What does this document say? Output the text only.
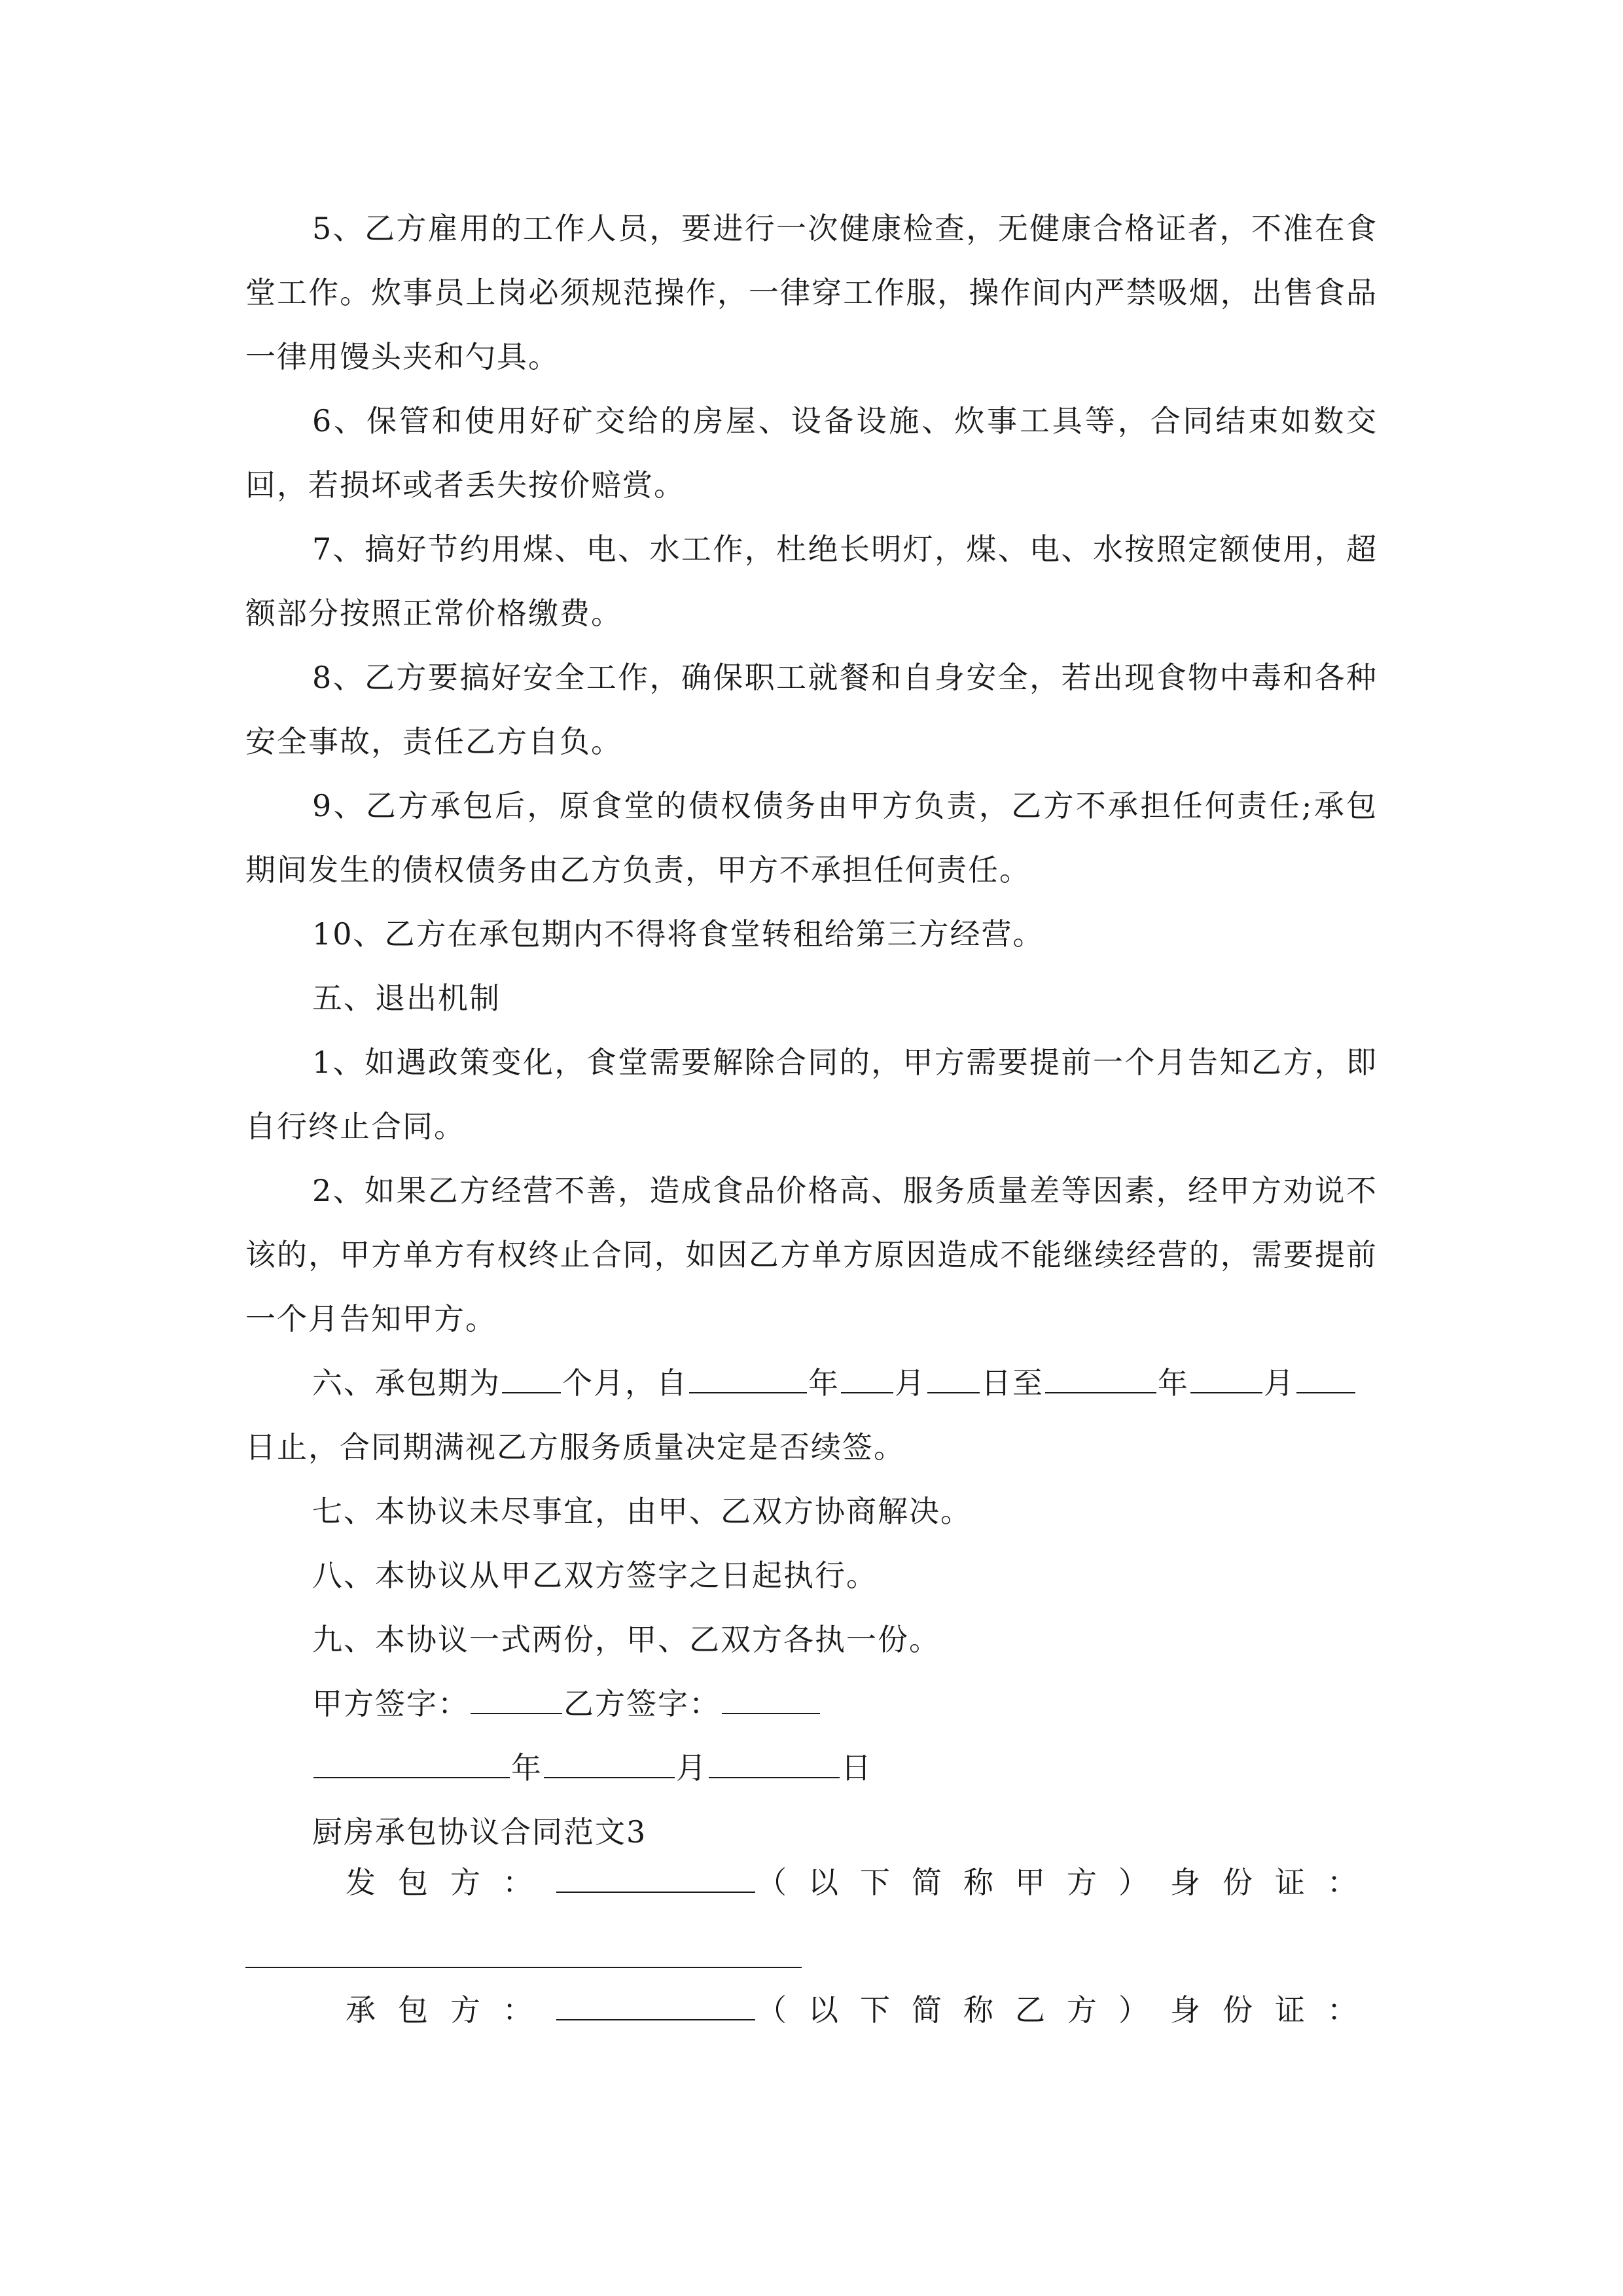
5、乙方雇用的工作人员，要进行一次健康检查，无健康合格证者，不准在食堂工作。炊事员上岗必须规范操作，一律穿工作服，操作间内严禁吸烟，出售食品一律用馒头夹和勺具。

6、保管和使用好矿交给的房屋、设备设施、炊事工具等，合同结束如数交回，若损坏或者丢失按价赔赏。

7、搞好节约用煤、电、水工作，杜绝长明灯，煤、电、水按照定额使用，超额部分按照正常价格缴费。

8、乙方要搞好安全工作，确保职工就餐和自身安全，若出现食物中毒和各种安全事故，责任乙方自负。

9、乙方承包后，原食堂的债权债务由甲方负责，乙方不承担任何责任;承包期间发生的债权债务由乙方负责，甲方不承担任何责任。

10、乙方在承包期内不得将食堂转租给第三方经营。

五、退出机制

1、如遇政策变化，食堂需要解除合同的，甲方需要提前一个月告知乙方，即自行终止合同。

2、如果乙方经营不善，造成食品价格高、服务质量差等因素，经甲方劝说不该的，甲方单方有权终止合同，如因乙方单方原因造成不能继续经营的，需要提前一个月告知甲方。

六、承包期为 个月，自	年 月 日至	年 月

日止，合同期满视乙方服务质量决定是否续签。

七、本协议未尽事宜，由甲、乙双方协商解决。

八、本协议从甲乙双方签字之日起执行。

九、本协议一式两份，甲、乙双方各执一份。

甲方签字：	乙方签字：
年	月	日

厨房承包协议合同范文3

发包方：	（以下简称甲方） 身份证：
承包方：	（以下简称乙方） 身份证：
